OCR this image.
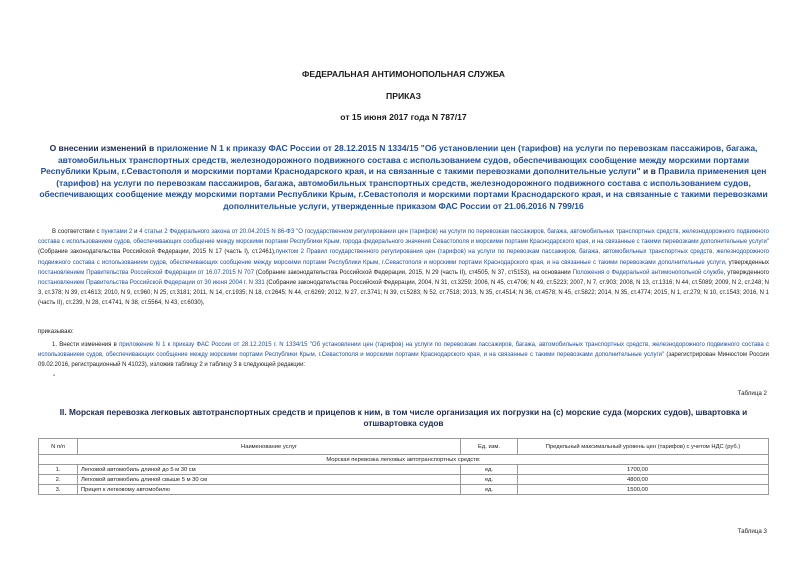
ФЕДЕРАЛЬНАЯ АНТИМОНОПОЛЬНАЯ СЛУЖБА
ПРИКАЗ
от 15 июня 2017 года N 787/17
О внесении изменений в приложение N 1 к приказу ФАС России от 28.12.2015 N 1334/15 "Об установлении цен (тарифов) на услуги по перевозкам пассажиров, багажа, автомобильных транспортных средств, железнодорожного подвижного состава с использованием судов, обеспечивающих сообщение между морскими портами Республики Крым, г.Севастополя и морскими портами Краснодарского края, и на связанные с такими перевозками дополнительные услуги" и в Правила применения цен (тарифов) на услуги по перевозкам пассажиров, багажа, автомобильных транспортных средств, железнодорожного подвижного состава с использованием судов, обеспечивающих сообщение между морскими портами Республики Крым, г.Севастополя и морскими портами Краснодарского края, и на связанные с такими перевозками дополнительные услуги, утвержденные приказом ФАС России от 21.06.2016 N 799/16
В соответствии с пунктами 2 и 4 статьи 2 Федерального закона от 20.04.2015 N 86-ФЗ "О государственном регулировании цен (тарифов) на услуги по перевозкам пассажиров, багажа, автомобильных транспортных средств, железнодорожного подвижного состава с использованием судов, обеспечивающих сообщение между морскими портами Республики Крым, города федерального значения Севастополя и морскими портами Краснодарского края, и на связанные с такими перевозками дополнительные услуги" (Собрание законодательства Российской Федерации, 2015 N 17 (часть I), ст.2461),пунктом 2 Правил государственного регулирования цен (тарифов) на услуги по перевозкам пассажиров, багажа, автомобильных транспортных средств, железнодорожного подвижного состава с использованием судов, обеспечивающих сообщение между морскими портами Республики Крым, г.Севастополя и морскими портами Краснодарского края, и на связанные с такими перевозками дополнительные услуги, утвержденных постановлением Правительства Российской Федерации от 16.07.2015 N 707 (Собрание законодательства Российской Федерации, 2015, N 29 (часть II), ст4505, N 37, ст5153), на основании Положения о Федеральной антимонопольной службе, утвержденного постановлением Правительства Российской Федерации от 30 июня 2004 г. N 331 (Собрание законодательства Российской Федерации, 2004, N 31, ст.3259; 2006, N 45, ст.4706; N 49, ст.5223; 2007, N 7, ст.903; 2008, N 13, ст.1316; N 44, ст.5089; 2009, N 2, ст.248; N 3, ст.378; N 39, ст.4613; 2010, N 9, ст.960; N 25, ст.3181; 2011, N 14, ст.1935; N 18, ст.2645; N 44, ст.6269; 2012, N 27, ст.3741; N 39, ст.5283; N 52, ст.7518; 2013, N 35, ст.4514; N 36, ст.4578; N 45, ст.5822; 2014, N 35, ст.4774; 2015, N 1, ст.279; N 10, ст.1543; 2016, N 1 (часть II), ст.239, N 28, ст.4741, N 38, ст.5564, N 43, ст.6030),
приказываю:
1. Внести изменения в приложение N 1 к приказу ФАС России от 28.12.2015 г. N 1334/15 "Об установлении цен (тарифов) на услуги по перевозкам пассажиров, багажа, автомобильных транспортных средств, железнодорожного подвижного состава с использованием судов, обеспечивающих сообщение между морскими портами Республики Крым, г.Севастополя и морскими портами Краснодарского края, и на связанные с такими перевозками дополнительные услуги" (зарегистрирован Минюстом России 09.02.2016, регистрационный N 41023), изложив таблицу 2 и таблицу 3 в следующей редакции:
"
Таблица 2
II. Морская перевозка легковых автотранспортных средств и прицепов к ним, в том числе организация их погрузки на (с) морские суда (морских судов), швартовка и отшвартовка судов
N п/п	Наименование услуг	Ед. изм.	Предельный максимальный уровень цен (тарифов) с учетом НДС (руб.)
Морская перевозка легковых автотранспортных средств:			
1.	Легковой автомобиль длиной до 5 м 30 см	ед.	1700,00
2.	Легковой автомобиль длиной свыше 5 м 30 см	ед.	4800,00
3.	Прицеп к легковому автомобилю	ед.	1500,00
Таблица 3
